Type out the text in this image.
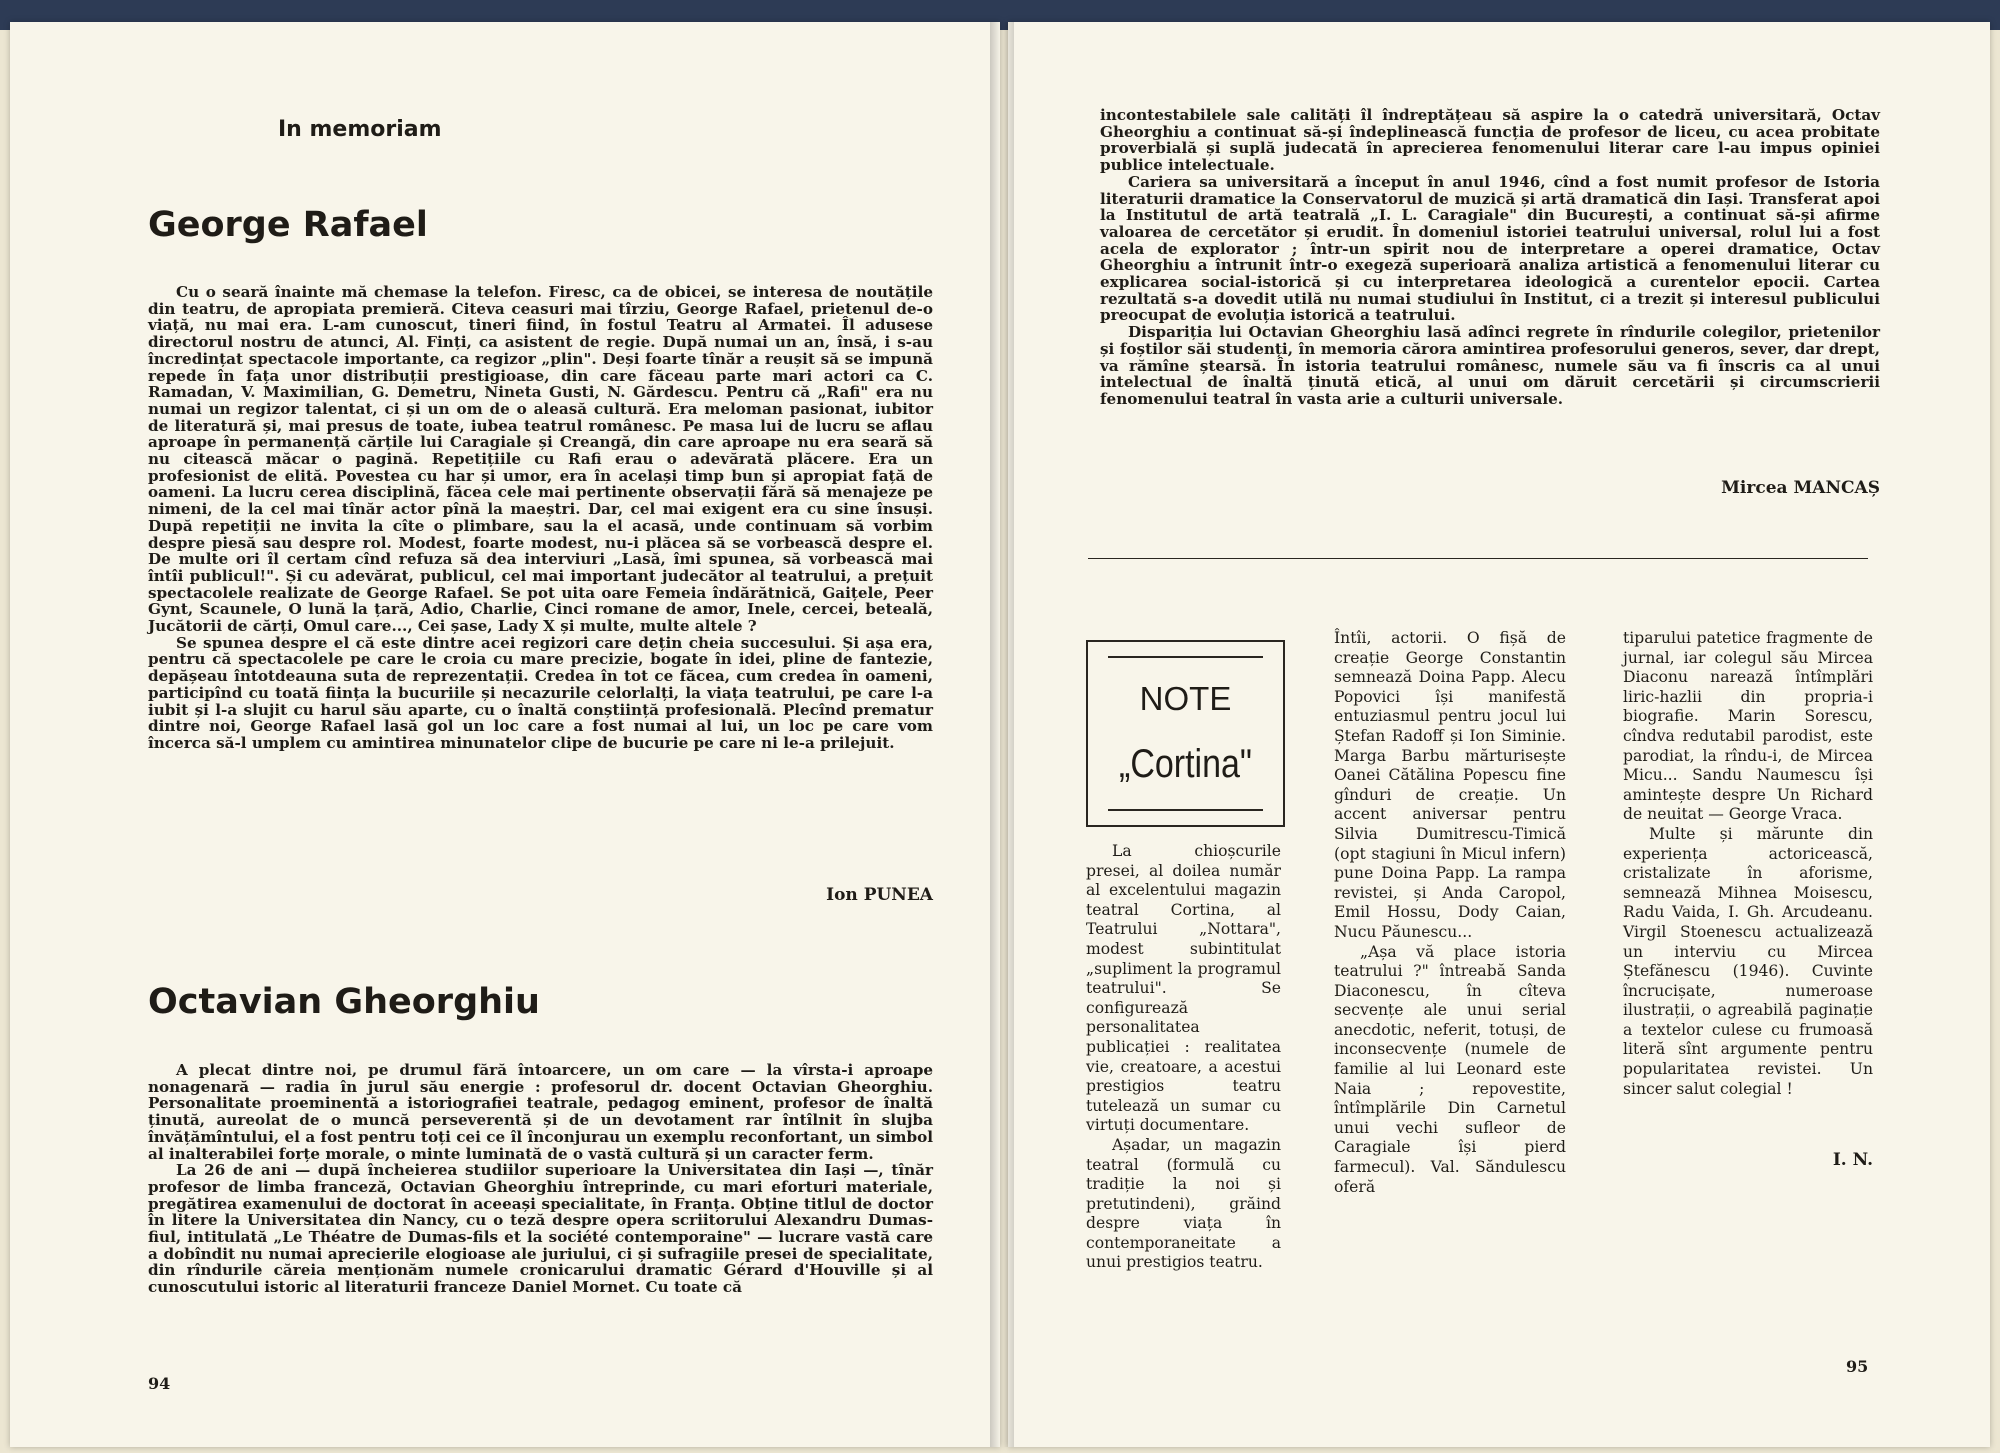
In memoriam
George Rafael

Cu o seară înainte mă chemase la telefon. Firesc, ca de obicei, se interesa de noutățile din teatru, de apropiata premieră. Citeva ceasuri mai tîrziu, George Rafael, prietenul de-o viață, nu mai era. L-am cunoscut, tineri fiind, în fostul Teatru al Armatei. Îl adusese directorul nostru de atunci, Al. Finți, ca asistent de regie. După numai un an, însă, i s-au încredințat spectacole importante, ca regizor „plin". Deși foarte tînăr a reușit să se impună repede în fața unor distribuții prestigioase, din care făceau parte mari actori ca C. Ramadan, V. Maximilian, G. Demetru, Nineta Gusti, N. Gărdescu. Pentru că „Rafi" era nu numai un regizor talentat, ci și un om de o aleasă cultură. Era meloman pasionat, iubitor de literatură și, mai presus de toate, iubea teatrul românesc. Pe masa lui de lucru se aflau aproape în permanență cărțile lui Caragiale și Creangă, din care aproape nu era seară să nu citească măcar o pagină. Repetițiile cu Rafi erau o adevărată plăcere. Era un profesionist de elită. Povestea cu har și umor, era în același timp bun și apropiat față de oameni. La lucru cerea disciplină, făcea cele mai pertinente observații fără să menajeze pe nimeni, de la cel mai tînăr actor pînă la maeștri. Dar, cel mai exigent era cu sine însuși. După repetiții ne invita la cîte o plimbare, sau la el acasă, unde continuam să vorbim despre piesă sau despre rol. Modest, foarte modest, nu-i plăcea să se vorbească despre el. De multe ori îl certam cînd refuza să dea interviuri „Lasă, îmi spunea, să vorbească mai întîi publicul!". Și cu adevărat, publicul, cel mai important judecător al teatrului, a prețuit spectacolele realizate de George Rafael. Se pot uita oare Femeia îndărătnică, Gaițele, Peer Gynt, Scaunele, O lună la țară, Adio, Charlie, Cinci romane de amor, Inele, cercei, beteală, Jucătorii de cărți, Omul care..., Cei șase, Lady X și multe, multe altele ?

Se spunea despre el că este dintre acei regizori care dețin cheia succesului. Și așa era, pentru că spectacolele pe care le croia cu mare precizie, bogate în idei, pline de fantezie, depășeau întotdeauna suta de reprezentații. Credea în tot ce făcea, cum credea în oameni, participînd cu toată ființa la bucuriile și necazurile celorlalți, la viața teatrului, pe care l-a iubit și l-a slujit cu harul său aparte, cu o înaltă conștiință profesională. Plecînd prematur dintre noi, George Rafael lasă gol un loc care a fost numai al lui, un loc pe care vom încerca să-l umplem cu amintirea minunatelor clipe de bucurie pe care ni le-a prilejuit.

Ion PUNEA
Octavian Gheorghiu

A plecat dintre noi, pe drumul fără întoarcere, un om care — la vîrsta-i aproape nonagenară — radia în jurul său energie : profesorul dr. docent Octavian Gheorghiu. Personalitate proeminentă a istoriografiei teatrale, pedagog eminent, profesor de înaltă ținută, aureolat de o muncă perseverentă și de un devotament rar întîlnit în slujba învățămîntului, el a fost pentru toți cei ce îl înconjurau un exemplu reconfortant, un simbol al inalterabilei forțe morale, o minte luminată de o vastă cultură și un caracter ferm.

La 26 de ani — după încheierea studiilor superioare la Universitatea din Iași —, tînăr profesor de limba franceză, Octavian Gheorghiu întreprinde, cu mari eforturi materiale, pregătirea examenului de doctorat în aceeași specialitate, în Franța. Obține titlul de doctor în litere la Universitatea din Nancy, cu o teză despre opera scriitorului Alexandru Dumas-fiul, intitulată „Le Théatre de Dumas-fils et la société contemporaine" — lucrare vastă care a dobîndit nu numai aprecierile elogioase ale juriului, ci și sufragiile presei de specialitate, din rîndurile căreia menționăm numele cronicarului dramatic Gérard d'Houville și al cunoscutului istoric al literaturii franceze Daniel Mornet. Cu toate că

94

incontestabilele sale calități îl îndreptățeau să aspire la o catedră universitară, Octav Gheorghiu a continuat să-și îndeplinească funcția de profesor de liceu, cu acea probitate proverbială și suplă judecată în aprecierea fenomenului literar care l-au impus opiniei publice intelectuale.

Cariera sa universitară a început în anul 1946, cînd a fost numit profesor de Istoria literaturii dramatice la Conservatorul de muzică și artă dramatică din Iași. Transferat apoi la Institutul de artă teatrală „I. L. Caragiale" din București, a continuat să-și afirme valoarea de cercetător și erudit. În domeniul istoriei teatrului universal, rolul lui a fost acela de explorator ; într-un spirit nou de interpretare a operei dramatice, Octav Gheorghiu a întrunit într-o exegeză superioară analiza artistică a fenomenului literar cu explicarea social-istorică și cu interpretarea ideologică a curentelor epocii. Cartea rezultată s-a dovedit utilă nu numai studiului în Institut, ci a trezit și interesul publicului preocupat de evoluția istorică a teatrului.

Dispariția lui Octavian Gheorghiu lasă adînci regrete în rîndurile colegilor, prietenilor și foștilor săi studenți, în memoria cărora amintirea profesorului generos, sever, dar drept, va rămîne ștearsă. În istoria teatrului românesc, numele său va fi înscris ca al unui intelectual de înaltă ținută etică, al unui om dăruit cercetării și circumscrierii fenomenului teatral în vasta arie a culturii universale.

Mircea MANCAȘ
NOTE
„Cortina"

La chioșcurile presei, al doilea număr al excelentului magazin teatral Cortina, al Teatrului „Nottara", modest subintitulat „supliment la programul teatrului". Se configurează personalitatea publicației : realitatea vie, creatoare, a acestui prestigios teatru tutelează un sumar cu virtuți documentare.

Așadar, un magazin teatral (formulă cu tradiție la noi și pretutindeni), grăind despre viața în contemporaneitate a unui prestigios teatru.

Întîi, actorii. O fișă de creație George Constantin semnează Doina Papp. Alecu Popovici își manifestă entuziasmul pentru jocul lui Ștefan Radoff și Ion Siminie. Marga Barbu mărturisește Oanei Cătălina Popescu fine gînduri de creație. Un accent aniversar pentru Silvia Dumitrescu-Timică (opt stagiuni în Micul infern) pune Doina Papp. La rampa revistei, și Anda Caropol, Emil Hossu, Dody Caian, Nucu Păunescu...

„Așa vă place istoria teatrului ?" întreabă Sanda Diaconescu, în cîteva secvențe ale unui serial anecdotic, neferit, totuși, de inconsecvențe (numele de familie al lui Leonard este Naia ; repovestite, întîmplările Din Carnetul unui vechi sufleor de Caragiale își pierd farmecul). Val. Săndulescu oferă

tiparului patetice fragmente de jurnal, iar colegul său Mircea Diaconu narează întîmplări liric-hazlii din propria-i biografie. Marin Sorescu, cîndva redutabil parodist, este parodiat, la rîndu-i, de Mircea Micu... Sandu Naumescu își amintește despre Un Richard de neuitat — George Vraca.

Multe și mărunte din experiența actoricească, cristalizate în aforisme, semnează Mihnea Moisescu, Radu Vaida, I. Gh. Arcudeanu. Virgil Stoenescu actualizează un interviu cu Mircea Ștefănescu (1946). Cuvinte încrucișate, numeroase ilustrații, o agreabilă paginație a textelor culese cu frumoasă literă sînt argumente pentru popularitatea revistei. Un sincer salut colegial !

I. N.
95
